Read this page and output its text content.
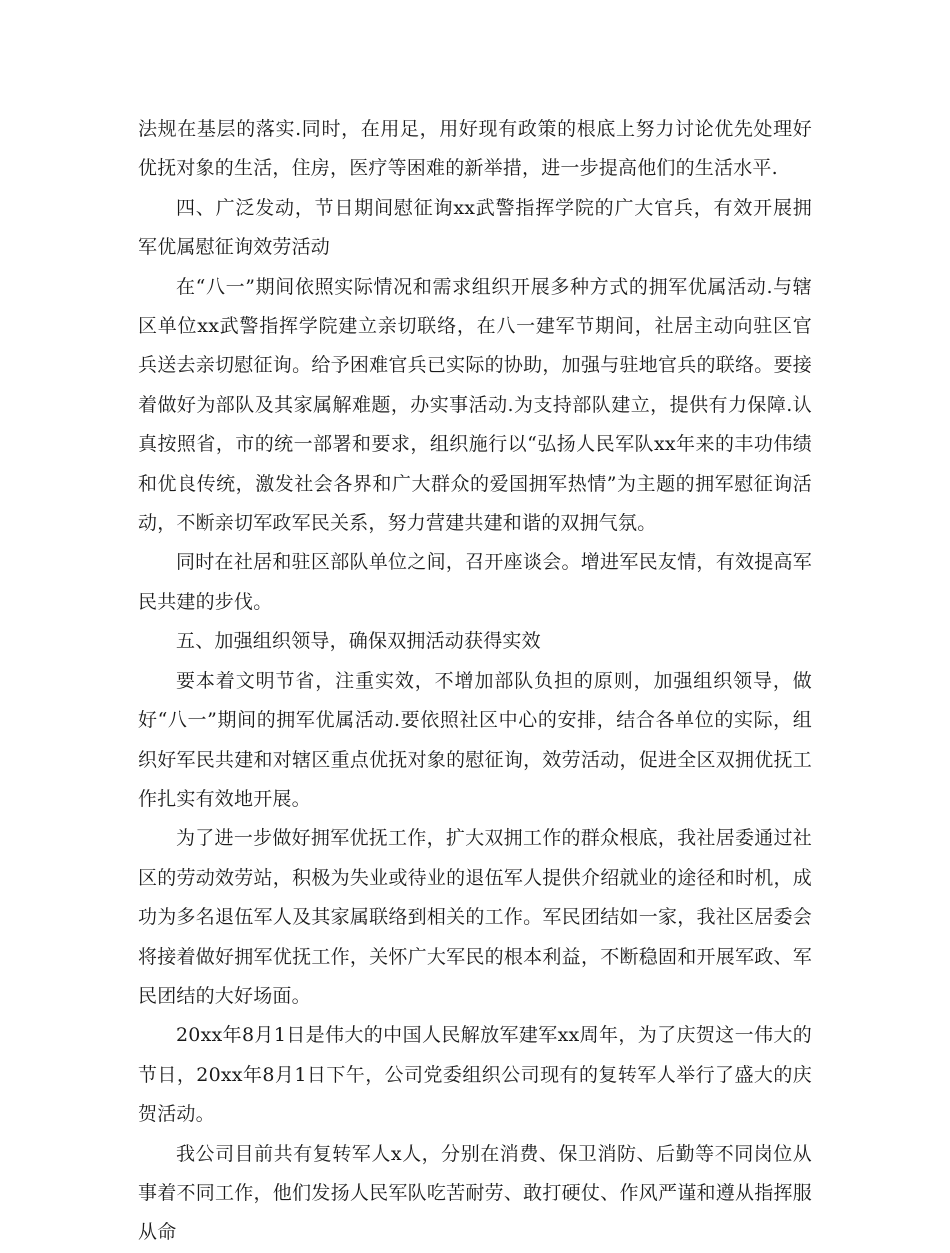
法规在基层的落实.同时，在用足，用好现有政策的根底上努力讨论优先处理好优抚对象的生活，住房，医疗等困难的新举措，进一步提高他们的生活水平.

四、广泛发动，节日期间慰征询xx武警指挥学院的广大官兵，有效开展拥军优属慰征询效劳活动

在“八一”期间依照实际情况和需求组织开展多种方式的拥军优属活动.与辖区单位xx武警指挥学院建立亲切联络，在八一建军节期间，社居主动向驻区官兵送去亲切慰征询。给予困难官兵已实际的协助，加强与驻地官兵的联络。要接着做好为部队及其家属解难题，办实事活动.为支持部队建立，提供有力保障.认真按照省，市的统一部署和要求，组织施行以“弘扬人民军队xx年来的丰功伟绩和优良传统，激发社会各界和广大群众的爱国拥军热情”为主题的拥军慰征询活动，不断亲切军政军民关系，努力营建共建和谐的双拥气氛。

同时在社居和驻区部队单位之间，召开座谈会。增进军民友情，有效提高军民共建的步伐。

五、加强组织领导，确保双拥活动获得实效

要本着文明节省，注重实效，不增加部队负担的原则，加强组织领导，做好“八一”期间的拥军优属活动.要依照社区中心的安排，结合各单位的实际，组织好军民共建和对辖区重点优抚对象的慰征询，效劳活动，促进全区双拥优抚工作扎实有效地开展。

为了进一步做好拥军优抚工作，扩大双拥工作的群众根底，我社居委通过社区的劳动效劳站，积极为失业或待业的退伍军人提供介绍就业的途径和时机，成功为多名退伍军人及其家属联络到相关的工作。军民团结如一家，我社区居委会将接着做好拥军优抚工作，关怀广大军民的根本利益，不断稳固和开展军政、军民团结的大好场面。

20xx年8月1日是伟大的中国人民解放军建军xx周年，为了庆贺这一伟大的节日，20xx年8月1日下午，公司党委组织公司现有的复转军人举行了盛大的庆贺活动。

我公司目前共有复转军人x人，分别在消费、保卫消防、后勤等不同岗位从事着不同工作，他们发扬人民军队吃苦耐劳、敢打硬仗、作风严谨和遵从指挥服从命
